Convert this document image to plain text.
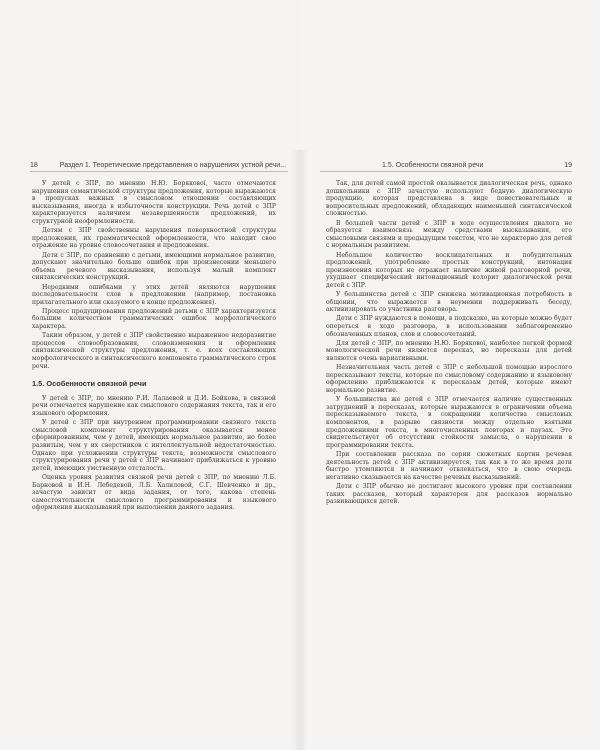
18	Раздел 1. Теоретические представления о нарушениях устной речи...	1.5. Особенности связной речи	19

У детей с ЗПР, по мнению Н.Ю. Борякової, часто отмечаются нарушения семантической структуры предложения, которые выражаются в пропусках важных в смысловом отношении составляющих высказывания, иногда в избыточности конструкции. Речь детей с ЗПР характеризуется наличием незавершенности предложений, их структурной неоформленности.

Детям с ЗПР свойственны нарушения поверхностной структуры предложения, их грамматической оформленности, что находит свое отражение на уровне словосочетания и предложения.

Дети с ЗПР, по сравнению с детьми, имеющими нормальное развитие, допускают значительно больше ошибок при произнесении меньшего объема речевого высказывания, используя малый комплект синтаксических конструкций.

Нередкими ошибками у этих детей являются нарушения последовательности слов в предложении (например, постановка прилагательного или сказуемого в конце предложения).

Процесс продуцирования предложений детьми с ЗПР характеризуется большим количеством грамматических ошибок морфологического характера.

Таким образом, у детей с ЗПР свойственно выраженное недоразвитие процессов словообразования, словоизменения и оформления синтаксической структуры предложения, т. е. всех составляющих морфологического и синтаксического компонента грамматического строя речи.

1.5. Особенности связной речи

У детей с ЗПР, по мнению Р.И. Лалаевой и Д.И. Бойкова, в связной речи отмечается нарушение как смыслового содержания текста, так и его языкового оформления.

У детей с ЗПР при внутреннем программировании связного текста смысловой компонент структурирования оказывается менее сформированным, чем у детей, имеющих нормальное развитие, но более развитым, чем у их сверстников с интеллектуальной недостаточностью. Однако при усложнении структуры текста, возможности смыслового структурирования речи у детей с ЗПР начинают приближаться к уровню детей, имеющих умственную отсталость.

Оценка уровня развития связной речи детей с ЗПР, по мнению Л.Б. Барновой и И.Н. Лебедевой, Л.Б. Халиловой, С.Г. Шевченко и др., зачастую зависит от вида задания, от того, какова степень самостоятельности смыслового программирования и языкового оформления высказываний при выполнении данного задания.

Так, для детей самой простой оказывается диалогическая речь, однако дошкольники с ЗПР зачастую используют бедную диалогическую продукцию, которая представлена в виде повествовательных и вопросительных предложений, обладающих наименьшей синтаксической сложностью.

В большей части детей с ЗПР в ходе осуществления диалога не образуется взаимосвязь между средствами высказывания, его смысловыми связями и предыдущим текстом, что не характерно для детей с нормальным развитием.

Небольшое количество восклицательных и побудительных предложений, употребление простых конструкций, интонация произнесения которых не отражает наличие живой разговорной речи, ухудшает специфический интонационный колорит диалогической речи детей с ЗПР.

У большинства детей с ЗПР снижена мотивационная потребность в общении, что выражается в неумении поддерживать беседу, активизировать со участника разговора.

Дети с ЗПР нуждаются в помощи, в подсказке, на которые можно будет опереться в ходе разговора, в использовании заблаговременно обозначенных планов, слов и словосочетаний.

Для детей с ЗПР, по мнению Н.Ю. Борякової, наиболее легкой формой монологической речи является пересказ, но пересказы для детей являются очень вариативными.

Незначительная часть детей с ЗПР с небольшой помощью взрослого пересказывают тексты, которые по смысловому содержанию и языковому оформлению приближаются к пересказам детей, которые имеют нормальное развитие.

У большинства же детей с ЗПР отмечается наличие существенных затруднений в пересказах, которые выражаются в ограничении объема пересказываемого текста, в сокращении количества смысловых компонентов, в разрыве связности между отдельно взятыми предложениями текста, в многочисленных повторах и паузах. Это свидетельствует об отсутствии стойкости замысла, о нарушении в программировании текста.

При составлении рассказа по серии сюжетных картин речевая деятельность детей с ЗПР активизируется, так как в то же время дети быстро утомляются и начинают отвлекаться, что в свою очередь негативно сказывается на качестве речевых высказываний.

Дети с ЗПР обычно не достигают высокого уровня при составлении таких рассказов, который характерен для рассказов нормально развивающихся детей.
